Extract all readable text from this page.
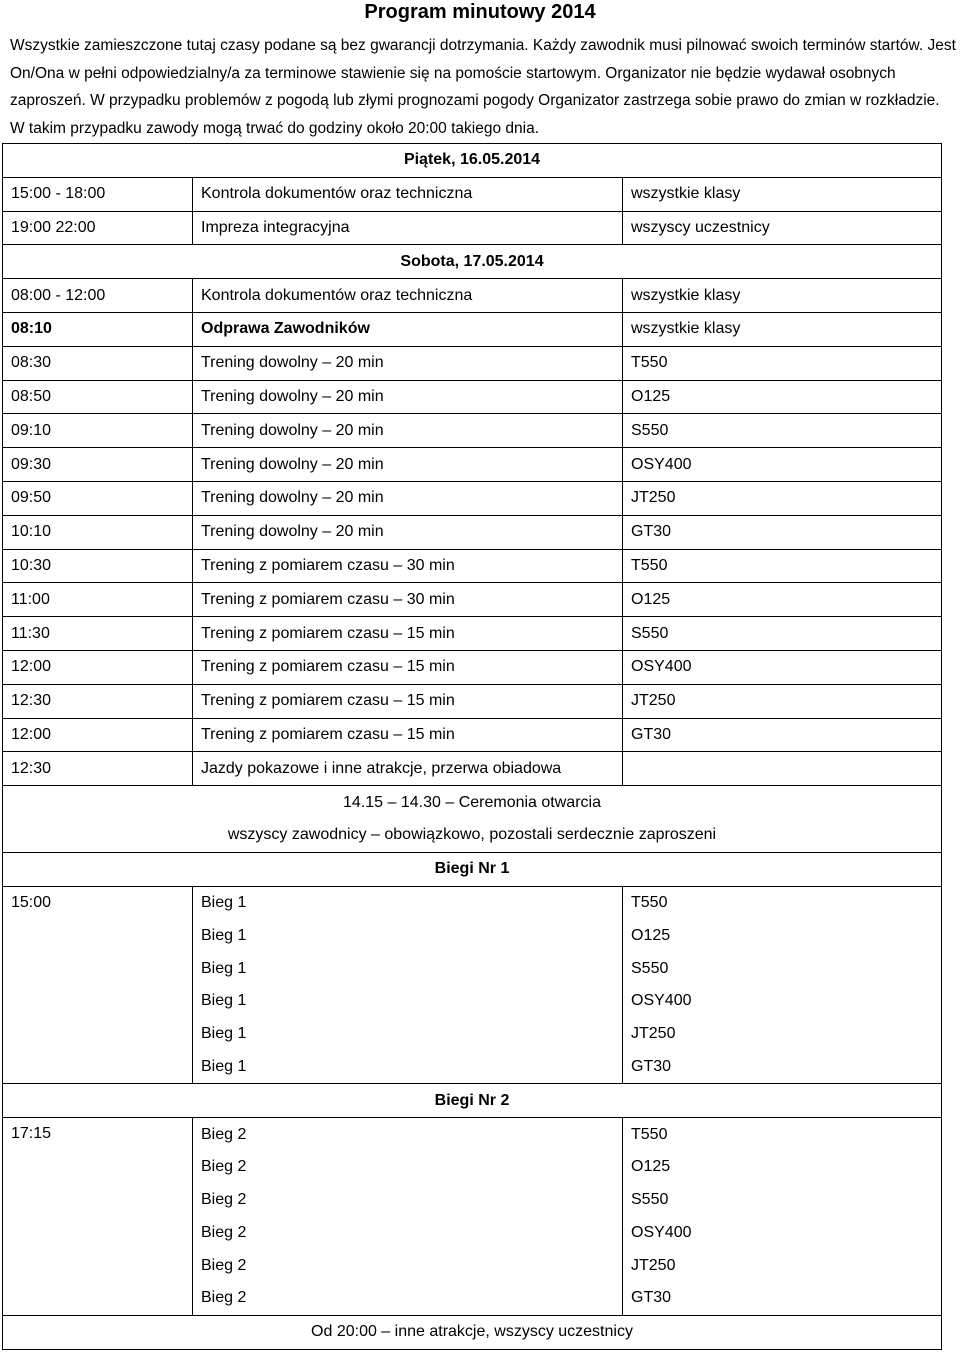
Program minutowy 2014
Wszystkie zamieszczone tutaj czasy podane są bez gwarancji dotrzymania. Każdy zawodnik musi pilnować swoich terminów startów. Jest On/Ona w pełni odpowiedzialny/a za terminowe stawienie się na pomoście startowym. Organizator nie będzie wydawał osobnych zaproszeń. W przypadku problemów z pogodą lub złymi prognozami pogody Organizator zastrzega sobie prawo do zmian w rozkładzie. W takim przypadku zawody mogą trwać do godziny około 20:00 takiego dnia.
Piątek, 16.05.2014		
15:00 - 18:00	Kontrola dokumentów oraz techniczna	wszystkie klasy
19:00 22:00	Impreza integracyjna	wszyscy uczestnicy
Sobota, 17.05.2014		
08:00 - 12:00	Kontrola dokumentów oraz techniczna	wszystkie klasy
08:10	Odprawa Zawodników	wszystkie klasy
08:30	Trening dowolny – 20 min	T550
08:50	Trening dowolny – 20 min	O125
09:10	Trening dowolny – 20 min	S550
09:30	Trening dowolny – 20 min	OSY400
09:50	Trening dowolny – 20 min	JT250
10:10	Trening dowolny – 20 min	GT30
10:30	Trening z pomiarem czasu – 30 min	T550
11:00	Trening z pomiarem czasu – 30 min	O125
11:30	Trening z pomiarem czasu – 15 min	S550
12:00	Trening z pomiarem czasu – 15 min	OSY400
12:30	Trening z pomiarem czasu – 15 min	JT250
12:00	Trening z pomiarem czasu – 15 min	GT30
12:30	Jazdy pokazowe i inne atrakcje, przerwa obiadowa	
14.15 – 14.30 – Ceremonia otwarcia		
wszyscy zawodnicy – obowiązkowo, pozostali serdecznie zaproszeni		
Biegi Nr 1		
15:00	Bieg 1	T550
	Bieg 1	O125
	Bieg 1	S550
	Bieg 1	OSY400
	Bieg 1	JT250
	Bieg 1	GT30
Biegi Nr 2		
17:15	Bieg 2	T550
	Bieg 2	O125
	Bieg 2	S550
	Bieg 2	OSY400
	Bieg 2	JT250
	Bieg 2	GT30
Od 20:00 – inne atrakcje, wszyscy uczestnicy		
